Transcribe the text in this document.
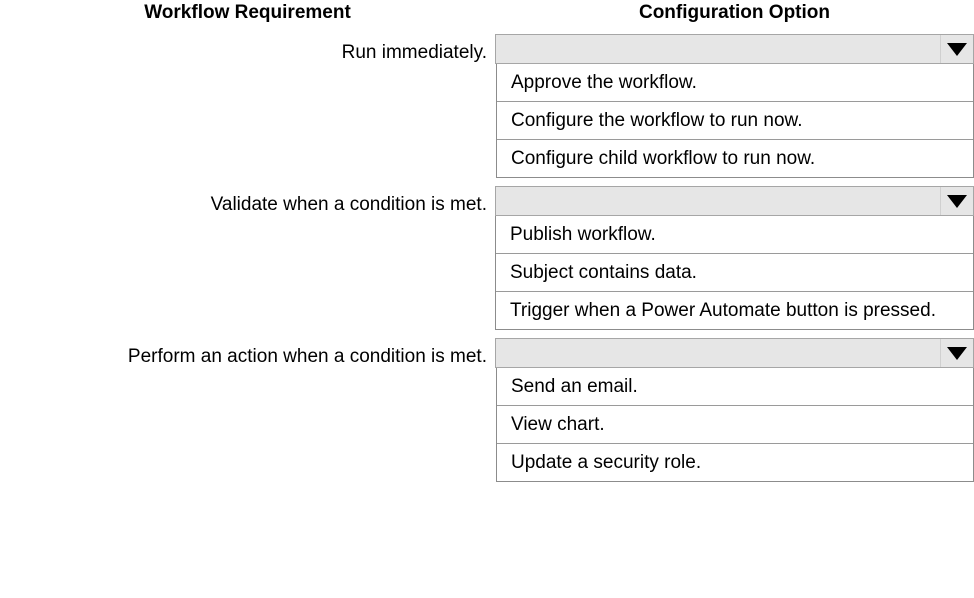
Workflow Requirement	Configuration Option
Run immediately.
Approve the workflow.
Configure the workflow to run now.
Configure child workflow to run now.
Validate when a condition is met.
Publish workflow.
Subject contains data.
Trigger when a Power Automate button is pressed.
Perform an action when a condition is met.
Send an email.
View chart.
Update a security role.
